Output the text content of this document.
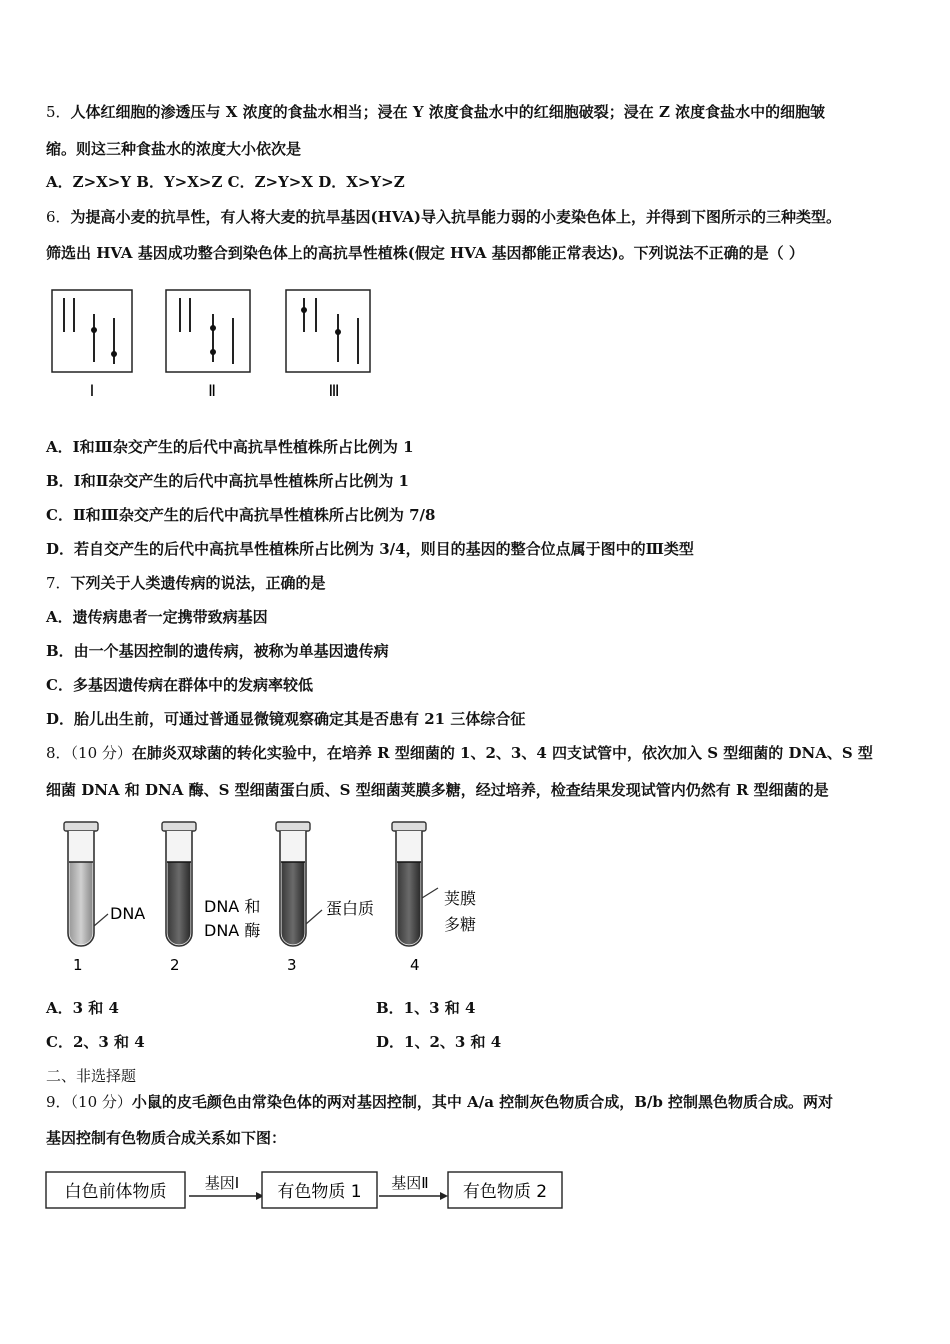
5．人体红细胞的渗透压与 X 浓度的食盐水相当；浸在 Y 浓度食盐水中的红细胞破裂；浸在 Z 浓度食盐水中的细胞皱
缩。则这三种食盐水的浓度大小依次是
A．Z>X>Y B．Y>X>Z C．Z>Y>X D．X>Y>Z
6．为提高小麦的抗旱性，有人将大麦的抗旱基因(HVA)导入抗旱能力弱的小麦染色体上，并得到下图所示的三种类型。
筛选出 HVA 基因成功整合到染色体上的高抗旱性植株(假定 HVA 基因都能正常表达)。下列说法不正确的是（ ）
Ⅰ	Ⅱ	Ⅲ
A．Ⅰ和Ⅲ杂交产生的后代中高抗旱性植株所占比例为 1
B．Ⅰ和Ⅱ杂交产生的后代中高抗旱性植株所占比例为 1
C．Ⅱ和Ⅲ杂交产生的后代中高抗旱性植株所占比例为 7/8
D．若自交产生的后代中高抗旱性植株所占比例为 3/4，则目的基因的整合位点属于图中的Ⅲ类型
7．下列关于人类遗传病的说法，正确的是
A．遗传病患者一定携带致病基因
B．由一个基因控制的遗传病，被称为单基因遗传病
C．多基因遗传病在群体中的发病率较低
D．胎儿出生前，可通过普通显微镜观察确定其是否患有 21 三体综合征
8．（10 分）在肺炎双球菌的转化实验中，在培养 R 型细菌的 1、2、3、4 四支试管中，依次加入 S 型细菌的 DNA、S 型
细菌 DNA 和 DNA 酶、S 型细菌蛋白质、S 型细菌荚膜多糖，经过培养，检查结果发现试管内仍然有 R 型细菌的是
DNA
1
DNA 和
DNA 酶
2
蛋白质
3
荚膜
多糖
4
A．3 和 4	B．1、3 和 4
C．2、3 和 4	D．1、2、3 和 4
二、非选择题
9．（10 分）小鼠的皮毛颜色由常染色体的两对基因控制，其中 A/a 控制灰色物质合成，B/b 控制黑色物质合成。两对
基因控制有色物质合成关系如下图：
白色前体物质	基因Ⅰ 有色物质 1 基因Ⅱ 有色物质 2
